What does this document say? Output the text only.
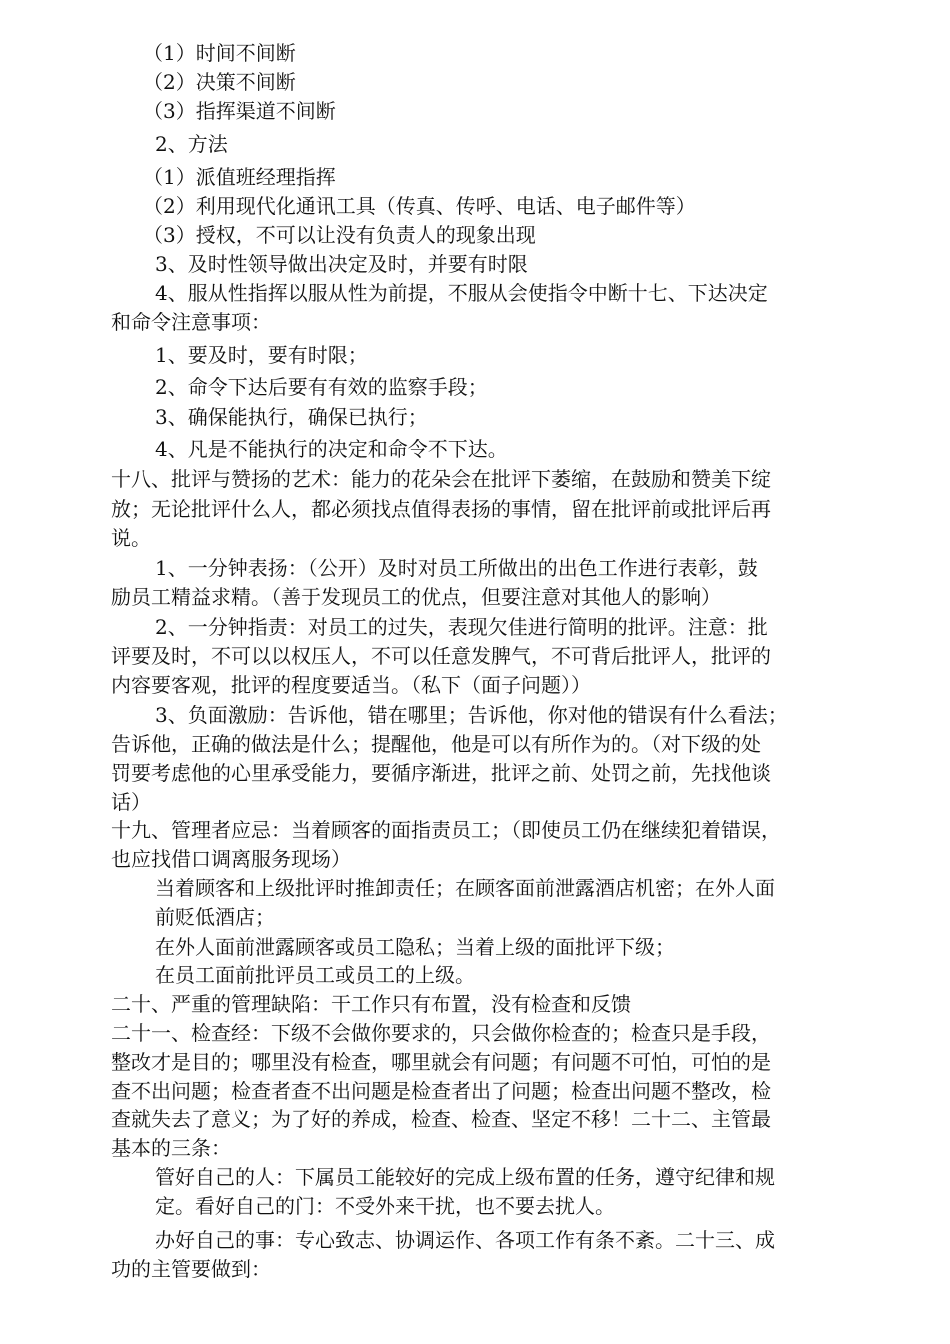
（1）时间不间断
（2）决策不间断
（3）指挥渠道不间断
2、方法
（1）派值班经理指挥
（2）利用现代化通讯工具（传真、传呼、电话、电子邮件等）
（3）授权，不可以让没有负责人的现象出现
3、及时性领导做出决定及时，并要有时限
4、服从性指挥以服从性为前提，不服从会使指令中断十七、下达决定
和命令注意事项：
1、要及时，要有时限；
2、命令下达后要有有效的监察手段；
3、确保能执行，确保已执行；
4、凡是不能执行的决定和命令不下达。
十八、批评与赞扬的艺术：能力的花朵会在批评下萎缩，在鼓励和赞美下绽
放；无论批评什么人，都必须找点值得表扬的事情，留在批评前或批评后再
说。
1、一分钟表扬：（公开）及时对员工所做出的出色工作进行表彰，鼓
励员工精益求精。（善于发现员工的优点，但要注意对其他人的影响）
2、一分钟指责：对员工的过失，表现欠佳进行简明的批评。注意：批
评要及时，不可以以权压人，不可以任意发脾气，不可背后批评人，批评的
内容要客观，批评的程度要适当。（私下（面子问题））
3、负面激励：告诉他，错在哪里；告诉他，你对他的错误有什么看法；
告诉他，正确的做法是什么；提醒他，他是可以有所作为的。（对下级的处
罚要考虑他的心里承受能力，要循序渐进，批评之前、处罚之前，先找他谈
话）
十九、管理者应忌：当着顾客的面指责员工；（即使员工仍在继续犯着错误，
也应找借口调离服务现场）
当着顾客和上级批评时推卸责任；在顾客面前泄露酒店机密；在外人面
前贬低酒店；
在外人面前泄露顾客或员工隐私；当着上级的面批评下级；
在员工面前批评员工或员工的上级。
二十、严重的管理缺陷：干工作只有布置，没有检查和反馈
二十一、检查经：下级不会做你要求的，只会做你检查的；检查只是手段，
整改才是目的；哪里没有检查，哪里就会有问题；有问题不可怕，可怕的是
查不出问题；检查者查不出问题是检查者出了问题；检查出问题不整改，检
查就失去了意义；为了好的养成，检查、检查、坚定不移！二十二、主管最
基本的三条：
管好自己的人：下属员工能较好的完成上级布置的任务，遵守纪律和规
定。看好自己的门：不受外来干扰，也不要去扰人。
办好自己的事：专心致志、协调运作、各项工作有条不紊。二十三、成
功的主管要做到：
